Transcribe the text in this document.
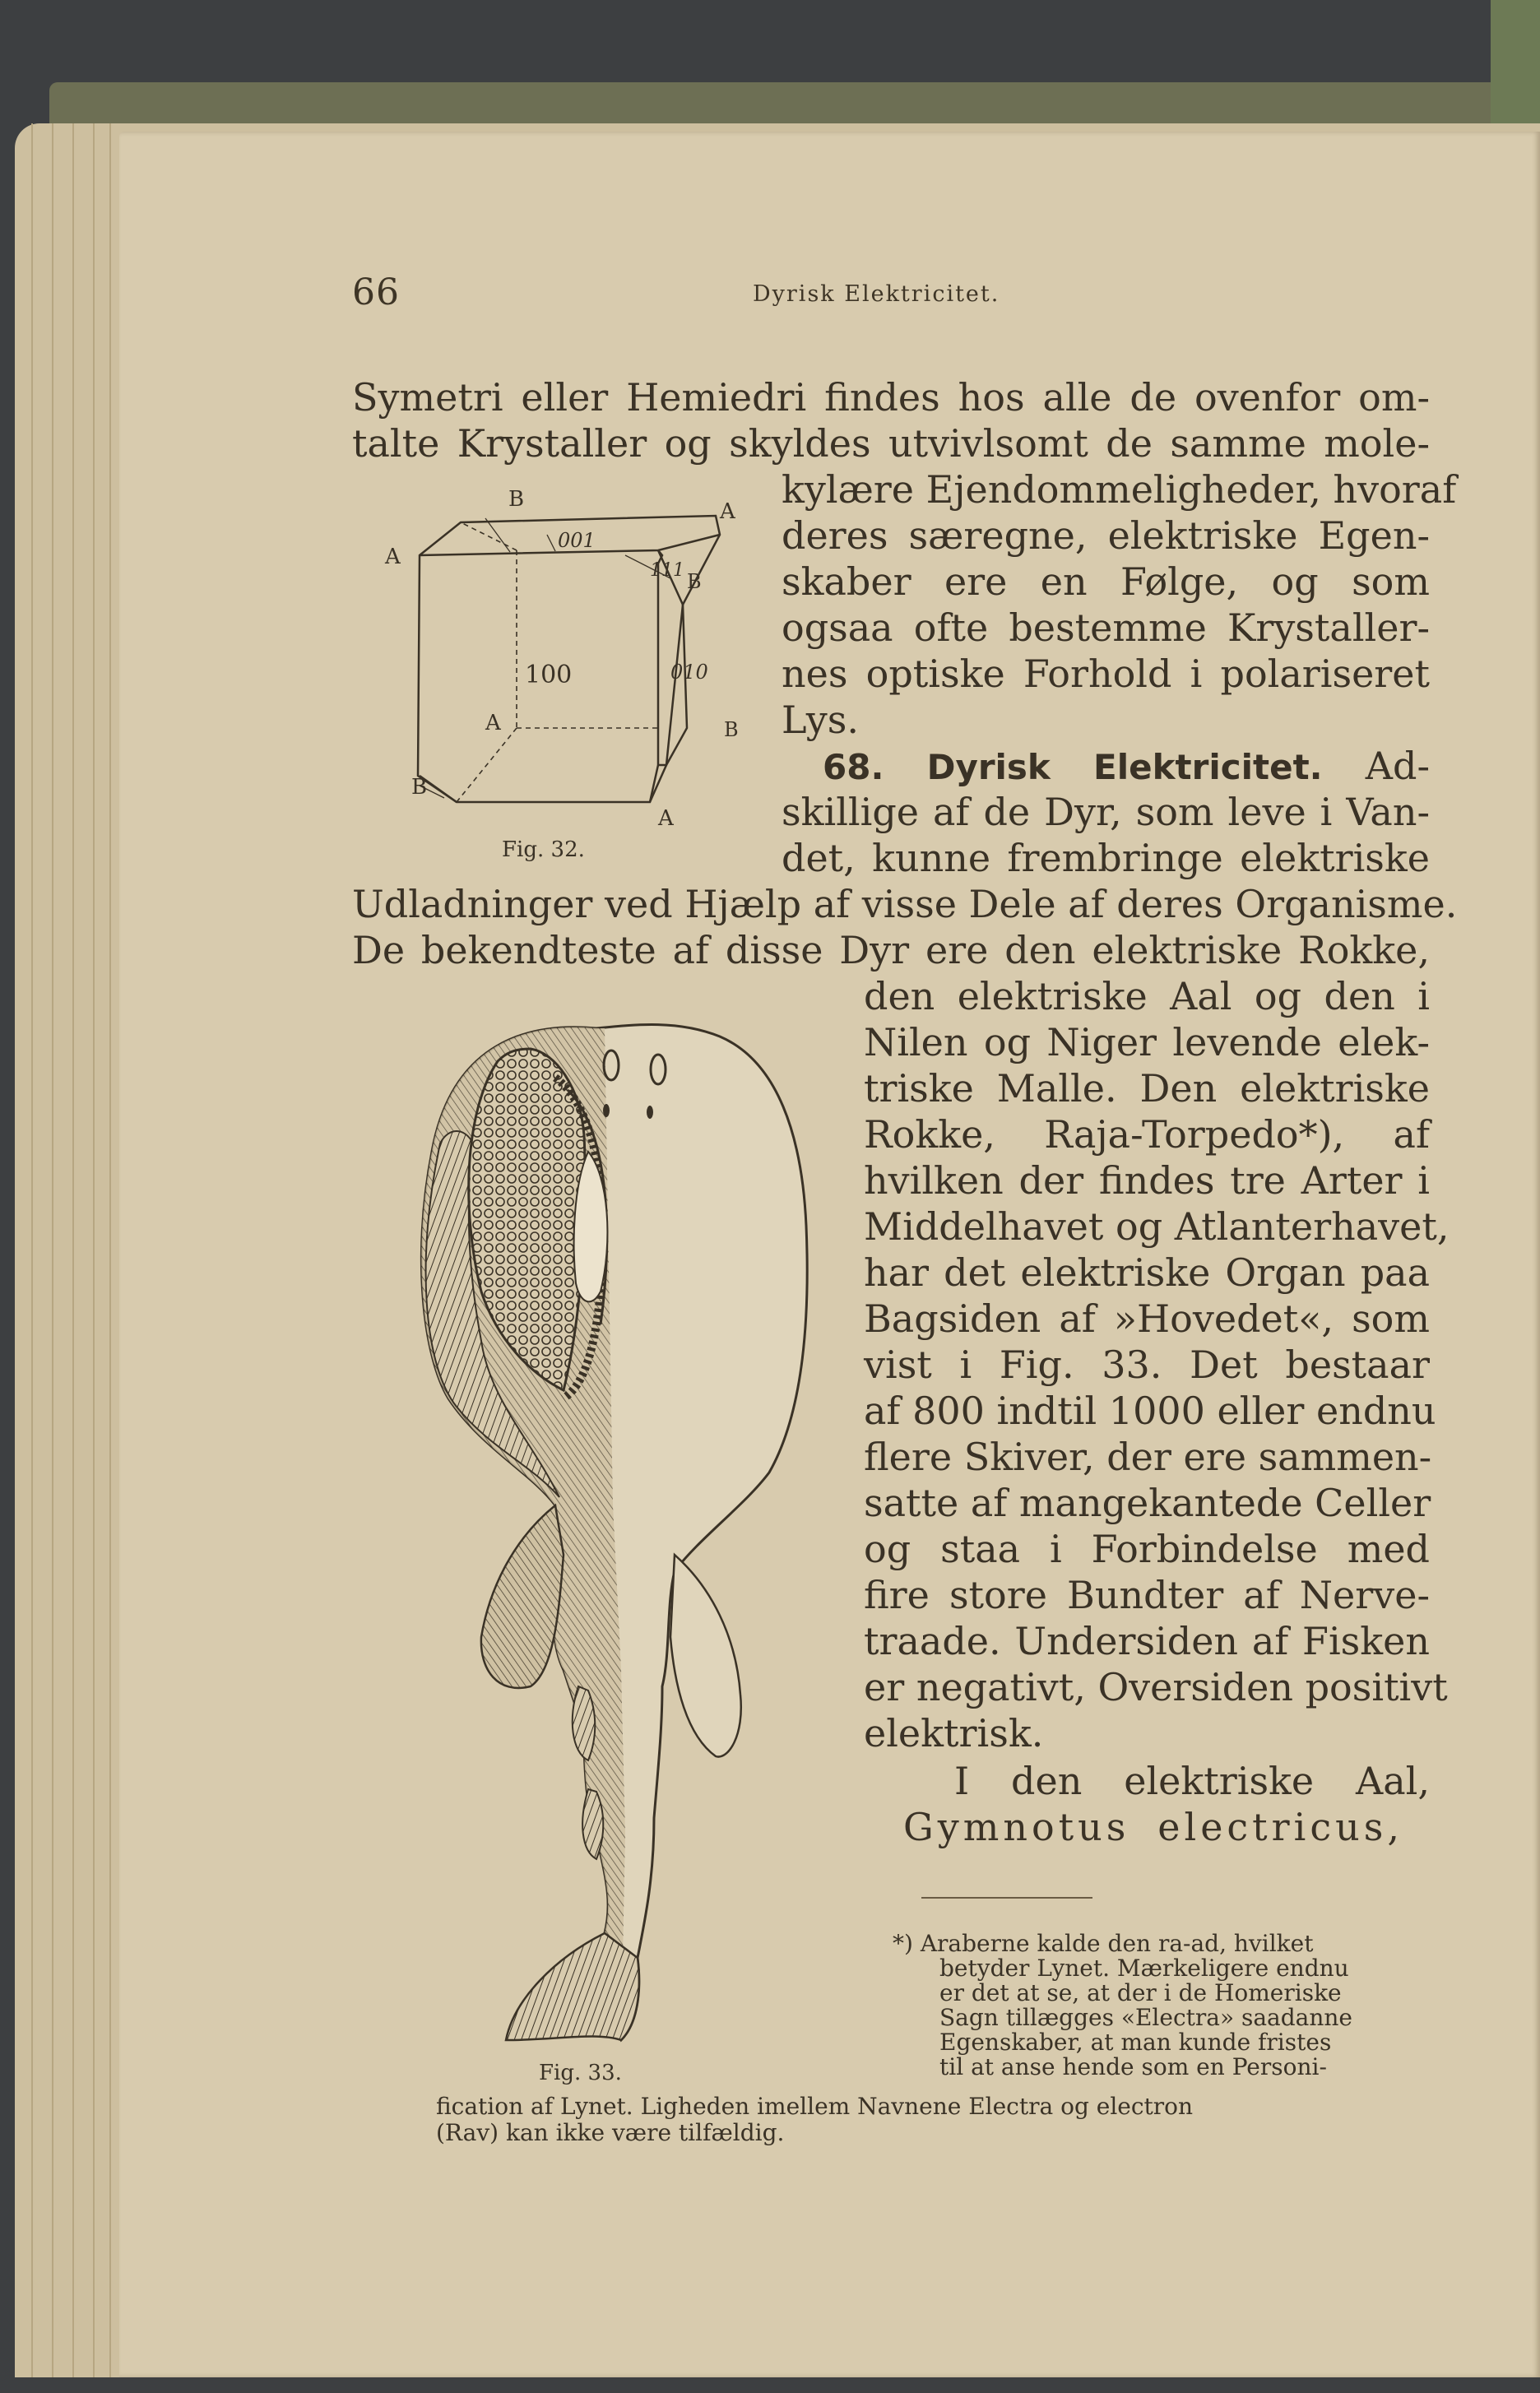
66	Dyrisk Elektricitet.
Symetri eller Hemiedri findes hos alle de ovenfor om-
talte Krystaller og skyldes utvivlsomt de samme mole-
kylære Ejendommeligheder, hvoraf
deres særegne, elektriske Egen-
skaber ere en Følge, og som
ogsaa ofte bestemme Krystaller-
nes optiske Forhold i polariseret
Lys.
68. Dyrisk Elektricitet. Ad-
skillige af de Dyr, som leve i Van-
det, kunne frembringe elektriske
Udladninger ved Hjælp af visse Dele af deres Organisme.
De bekendteste af disse Dyr ere den elektriske Rokke,
den elektriske Aal og den i
Nilen og Niger levende elek-
triske Malle. Den elektriske
Rokke, Raja-Torpedo*), af
hvilken der findes tre Arter i
Middelhavet og Atlanterhavet,
har det elektriske Organ paa
Bagsiden af »Hovedet«, som
vist i Fig. 33. Det bestaar
af 800 indtil 1000 eller endnu
flere Skiver, der ere sammen-
satte af mangekantede Celler
og staa i Forbindelse med
fire store Bundter af Nerve-
traade. Undersiden af Fisken
er negativt, Oversiden positivt
elektrisk.
I den elektriske Aal,
Gymnotus electricus,
B	A
A
001
111 B
100	010
A	B
B
A
Fig. 32.
Fig. 33.
*) Araberne kalde den ra-ad, hvilket
betyder Lynet. Mærkeligere endnu
er det at se, at der i de Homeriske
Sagn tillægges «Electra» saadanne
Egenskaber, at man kunde fristes
til at anse hende som en Personi-
fication af Lynet. Ligheden imellem Navnene Electra og electron
(Rav) kan ikke være tilfældig.
